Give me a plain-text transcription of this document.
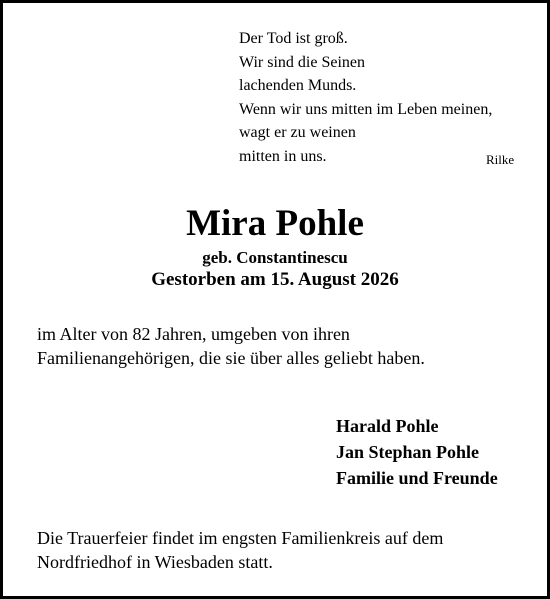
Der Tod ist groß.
Wir sind die Seinen
lachenden Munds.
Wenn wir uns mitten im Leben meinen,
wagt er zu weinen
mitten in uns.	Rilke
Mira Pohle
geb. Constantinescu
Gestorben am 15. August 2026
im Alter von 82 Jahren, umgeben von ihren
Familienangehörigen, die sie über alles geliebt haben.
Harald Pohle
Jan Stephan Pohle
Familie und Freunde
Die Trauerfeier findet im engsten Familienkreis auf dem
Nordfriedhof in Wiesbaden statt.
